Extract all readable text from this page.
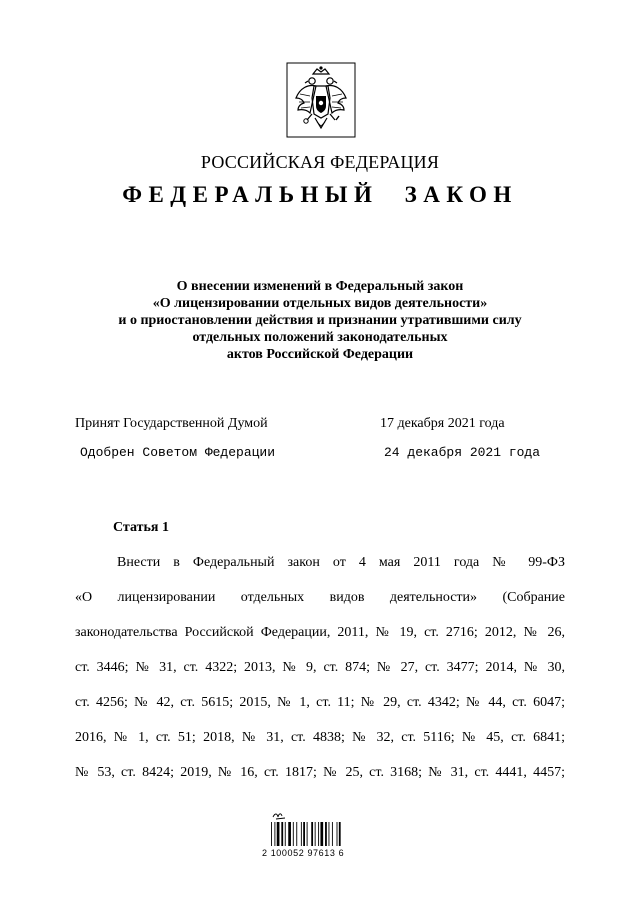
РОССИЙСКАЯ ФЕДЕРАЦИЯ
ФЕДЕРАЛЬНЫЙ ЗАКОН
О внесении изменений в Федеральный закон
«О лицензировании отдельных видов деятельности»
и о приостановлении действия и признании утратившими силу
отдельных положений законодательных
актов Российской Федерации
Принят Государственной Думой	17 декабря 2021 года
Одобрен Советом Федерации	24 декабря 2021 года
Статья 1
Внести в Федеральный закон от 4 мая 2011 года № 99-ФЗ
«О лицензировании отдельных видов деятельности» (Собрание
законодательства Российской Федерации, 2011, № 19, ст. 2716; 2012, № 26,
ст. 3446; № 31, ст. 4322; 2013, № 9, ст. 874; № 27, ст. 3477; 2014, № 30,
ст. 4256; № 42, ст. 5615; 2015, № 1, ст. 11; № 29, ст. 4342; № 44, ст. 6047;
2016, № 1, ст. 51; 2018, № 31, ст. 4838; № 32, ст. 5116; № 45, ст. 6841;
№ 53, ст. 8424; 2019, № 16, ст. 1817; № 25, ст. 3168; № 31, ст. 4441, 4457;
2 100052 97613 6
